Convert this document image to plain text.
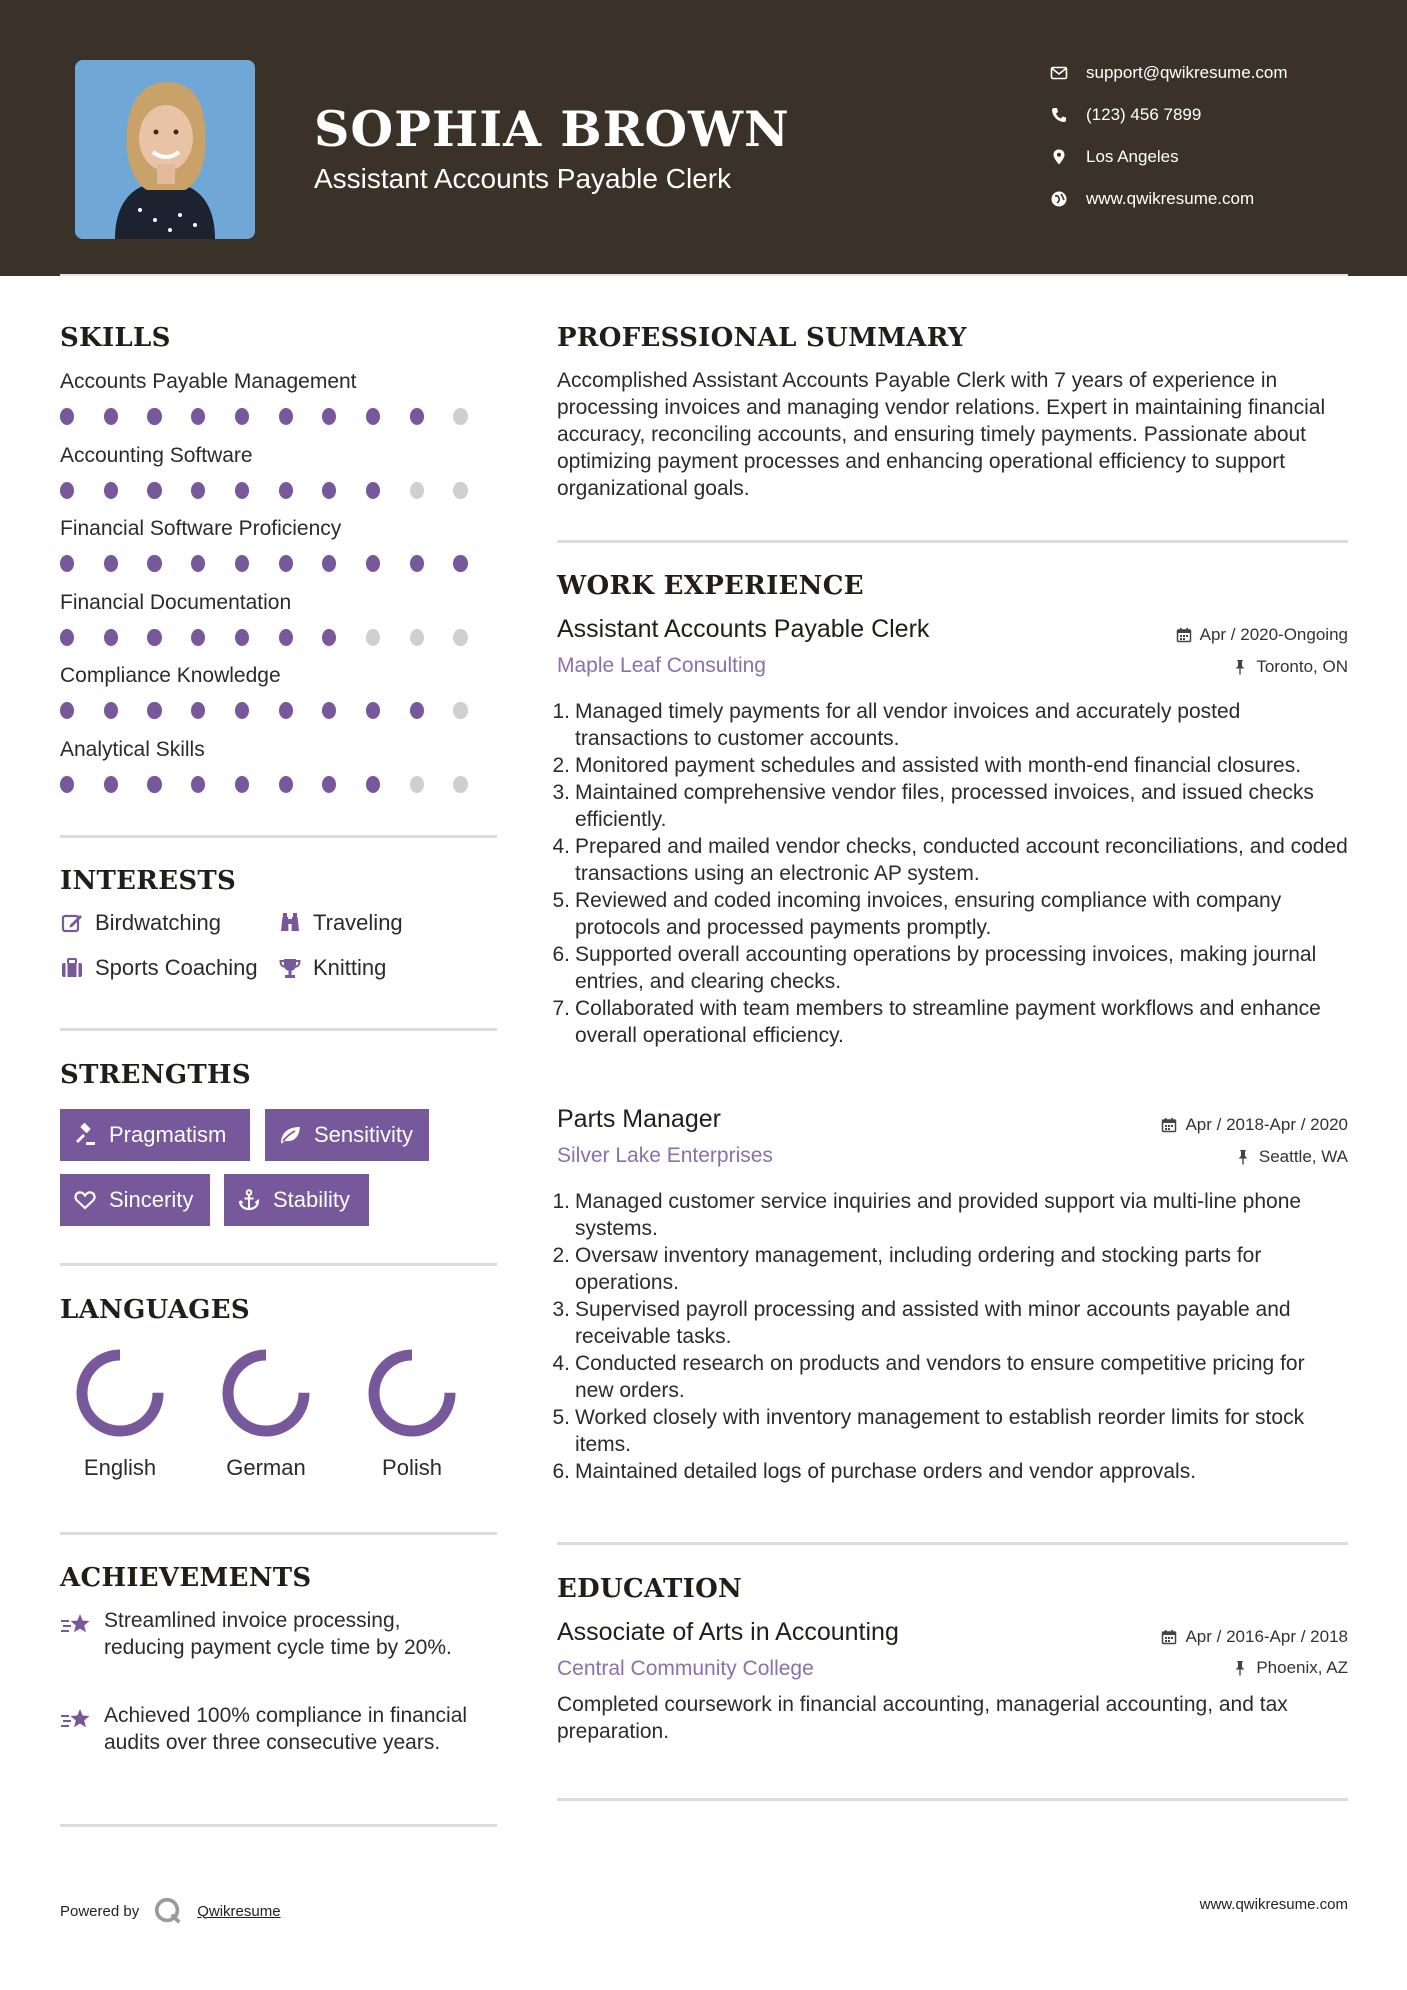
SOPHIA BROWN
Assistant Accounts Payable Clerk
support@qwikresume.com
(123) 456 7899
Los Angeles
www.qwikresume.com
SKILLS
Accounts Payable Management
Accounting Software
Financial Software Proficiency
Financial Documentation
Compliance Knowledge
Analytical Skills
INTERESTS
Birdwatching	Traveling
Sports Coaching	Knitting
STRENGTHS
Pragmatism	Sensitivity
Sincerity	Stability
LANGUAGES
English	German	Polish
ACHIEVEMENTS
Streamlined invoice processing, reducing payment cycle time by 20%.
Achieved 100% compliance in financial audits over three consecutive years.
PROFESSIONAL SUMMARY
Accomplished Assistant Accounts Payable Clerk with 7 years of experience in processing invoices and managing vendor relations. Expert in maintaining financial accuracy, reconciling accounts, and ensuring timely payments. Passionate about optimizing payment processes and enhancing operational efficiency to support organizational goals.
WORK EXPERIENCE
Assistant Accounts Payable Clerk
Maple Leaf Consulting
Apr / 2020-Ongoing
Toronto, ON
1. Managed timely payments for all vendor invoices and accurately posted transactions to customer accounts.
2. Monitored payment schedules and assisted with month-end financial closures.
3. Maintained comprehensive vendor files, processed invoices, and issued checks efficiently.
4. Prepared and mailed vendor checks, conducted account reconciliations, and coded transactions using an electronic AP system.
5. Reviewed and coded incoming invoices, ensuring compliance with company protocols and processed payments promptly.
6. Supported overall accounting operations by processing invoices, making journal entries, and clearing checks.
7. Collaborated with team members to streamline payment workflows and enhance overall operational efficiency.
Parts Manager
Silver Lake Enterprises
Apr / 2018-Apr / 2020
Seattle, WA
1. Managed customer service inquiries and provided support via multi-line phone systems.
2. Oversaw inventory management, including ordering and stocking parts for operations.
3. Supervised payroll processing and assisted with minor accounts payable and receivable tasks.
4. Conducted research on products and vendors to ensure competitive pricing for new orders.
5. Worked closely with inventory management to establish reorder limits for stock items.
6. Maintained detailed logs of purchase orders and vendor approvals.
EDUCATION
Associate of Arts in Accounting
Central Community College
Apr / 2016-Apr / 2018
Phoenix, AZ
Completed coursework in financial accounting, managerial accounting, and tax preparation.
Powered by	Qwikresume	www.qwikresume.com
